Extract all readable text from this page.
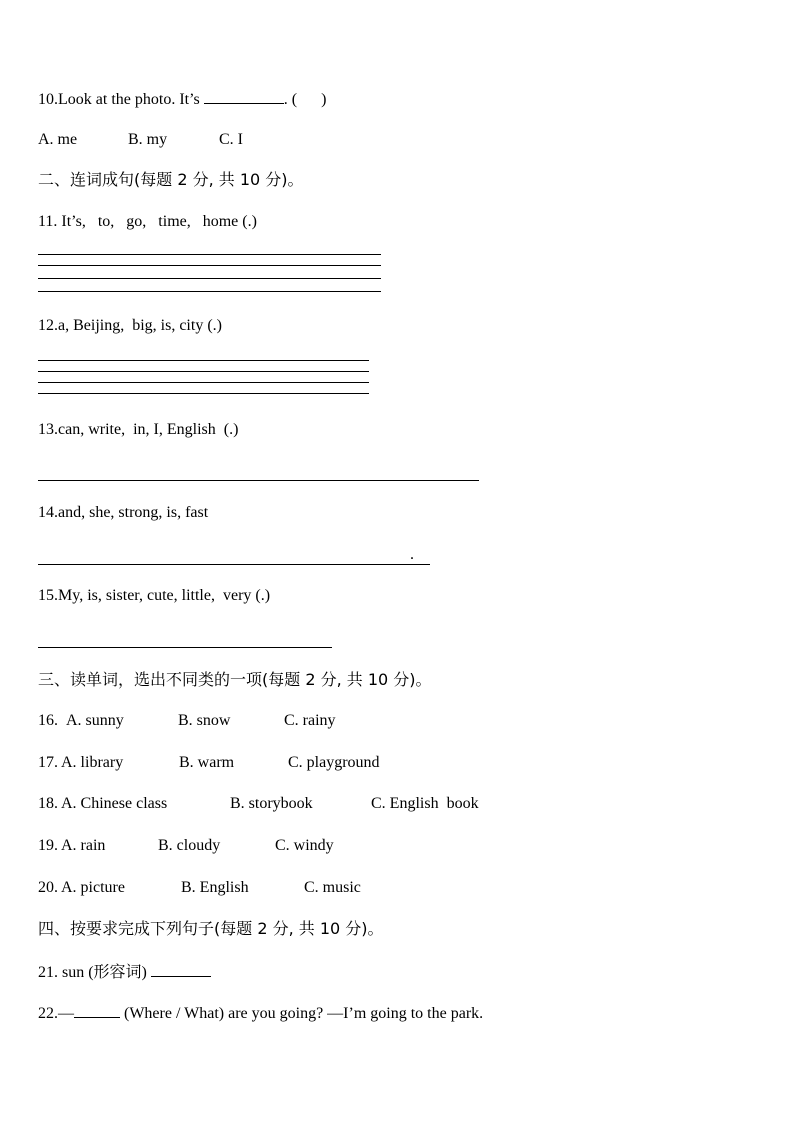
10.Look at the photo. It’s	. (      )
A. me	B. my	C. I
二、连词成句(每题 2 分, 共 10 分)。
11. It’s,   to,   go,   time,   home (.)
12.a, Beijing,  big, is, city (.)
13.can, write,  in, I, English  (.)
14.and, she, strong, is, fast
.
15.My, is, sister, cute, little,  very (.)
三、读单词，选出不同类的一项(每题 2 分, 共 10 分)。
16. A. sunny	B. snow	C. rainy
17. A. library	B. warm	C. playground
18. A. Chinese class	B. storybook	C. English  book
19. A. rain	B. cloudy	C. windy
20. A. picture	B. English	C. music
四、按要求完成下列句子(每题 2 分, 共 10 分)。
21. sun (形容词)
22.—	(Where / What) are you going? —I’m going to the park.
